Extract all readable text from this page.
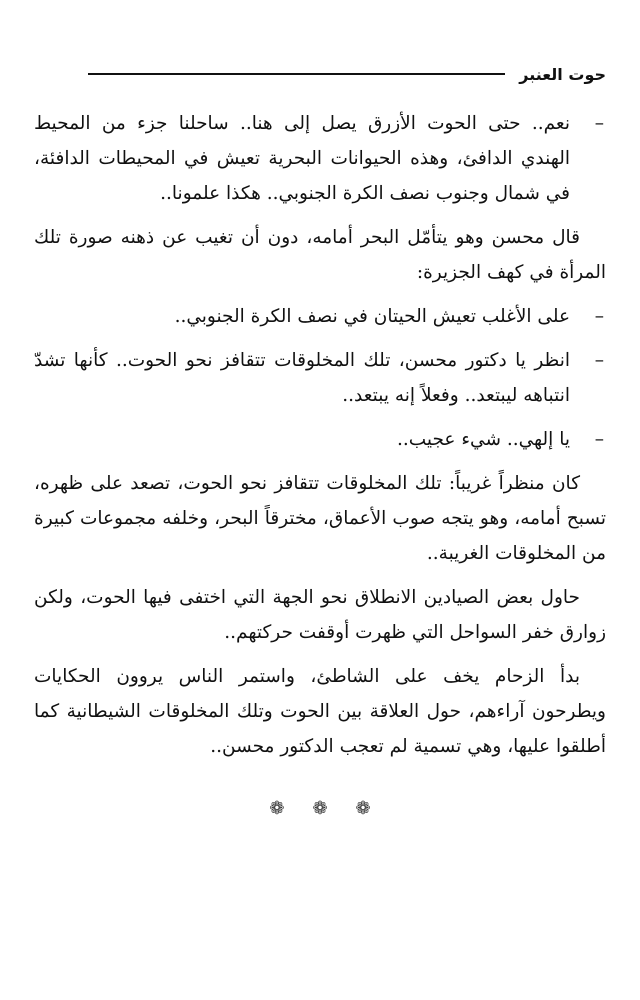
حوت العنبر

–
نعم.. حتى الحوت الأزرق يصل إلى هنا.. ساحلنا جزء من المحيط الهندي الدافئ، وهذه الحيوانات البحرية تعيش في المحيطات الدافئة، في شمال وجنوب نصف الكرة الجنوبي.. هكذا علمونا..

قال محسن وهو يتأمّل البحر أمامه، دون أن تغيب عن ذهنه صورة تلك المرأة في كهف الجزيرة:

–
على الأغلب تعيش الحيتان في نصف الكرة الجنوبي..

–
انظر يا دكتور محسن، تلك المخلوقات تتقافز نحو الحوت.. كأنها تشدّ انتباهه ليبتعد.. وفعلاً إنه يبتعد..

–
يا إلهي.. شيء عجيب..

كان منظراً غريباً: تلك المخلوقات تتقافز نحو الحوت، تصعد على ظهره، تسبح أمامه، وهو يتجه صوب الأعماق، مخترقاً البحر، وخلفه مجموعات كبيرة من المخلوقات الغريبة..

حاول بعض الصيادين الانطلاق نحو الجهة التي اختفى فيها الحوت، ولكن زوارق خفر السواحل التي ظهرت أوقفت حركتهم..

بدأ الزحام يخف على الشاطئ، واستمر الناس يروون الحكايات ويطرحون آراءهم، حول العلاقة بين الحوت وتلك المخلوقات الشيطانية كما أطلقوا عليها، وهي تسمية لم تعجب الدكتور محسن..

❁ ❁ ❁
